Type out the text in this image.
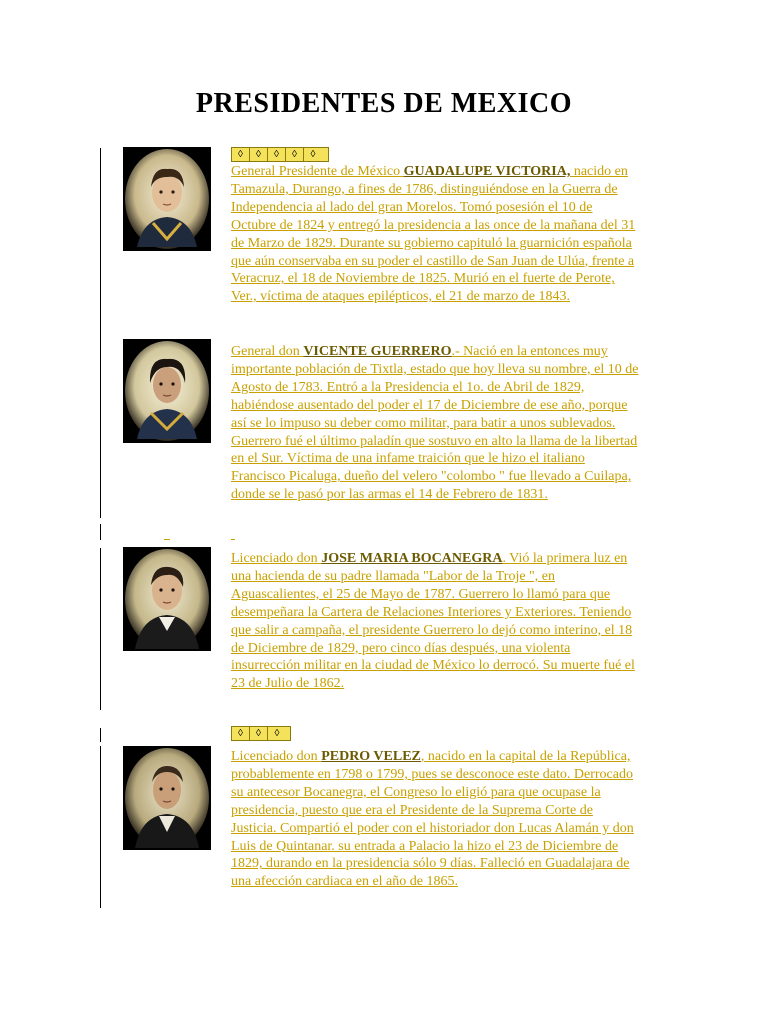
PRESIDENTES DE MEXICO
◊	◊	◊	◊	◊

General Presidente de México GUADALUPE VICTORIA, nacido en Tamazula, Durango, a fines de 1786, distinguiéndose en la Guerra de Independencia al lado del gran Morelos. Tomó posesión el 10 de Octubre de 1824 y entregó la presidencia a las once de la mañana del 31 de Marzo de 1829. Durante su gobierno capituló la guarnición española que aún conservaba en su poder el castillo de San Juan de Ulúa, frente a Veracruz, el 18 de Noviembre de 1825. Murió en el fuerte de Perote, Ver., víctima de ataques epilépticos, el 21 de marzo de 1843.

General don VICENTE GUERRERO.- Nació en la entonces muy importante población de Tixtla, estado que hoy lleva su nombre, el 10 de Agosto de 1783. Entró a la Presidencia el 1o. de Abril de 1829, habiéndose ausentado del poder el 17 de Diciembre de ese año, porque así se lo impuso su deber como militar, para batir a unos sublevados. Guerrero fué el último paladín que sostuvo en alto la llama de la libertad en el Sur. Víctima de una infame traición que le hizo el italiano Francisco Picaluga, dueño del velero "colombo " fue llevado a Cuilapa, donde se le pasó por las armas el 14 de Febrero de 1831.

Licenciado don JOSE MARIA BOCANEGRA. Vió la primera luz en una hacienda de su padre llamada "Labor de la Troje ", en Aguascalientes, el 25 de Mayo de 1787. Guerrero lo llamó para que desempeñara la Cartera de Relaciones Interiores y Exteriores. Teniendo que salir a campaña, el presidente Guerrero lo dejó como interino, el 18 de Diciembre de 1829, pero cinco días después, una violenta insurrección militar en la ciudad de México lo derrocó. Su muerte fué el 23 de Julio de 1862.

◊	◊	◊

Licenciado don PEDRO VELEZ, nacido en la capital de la República, probablemente en 1798 o 1799, pues se desconoce este dato. Derrocado su antecesor Bocanegra, el Congreso lo eligió para que ocupase la presidencia, puesto que era el Presidente de la Suprema Corte de Justicia. Compartió el poder con el historiador don Lucas Alamán y don Luis de Quintanar. su entrada a Palacio la hizo el 23 de Diciembre de 1829, durando en la presidencia sólo 9 días. Falleció en Guadalajara de una afección cardiaca en el año de 1865.
